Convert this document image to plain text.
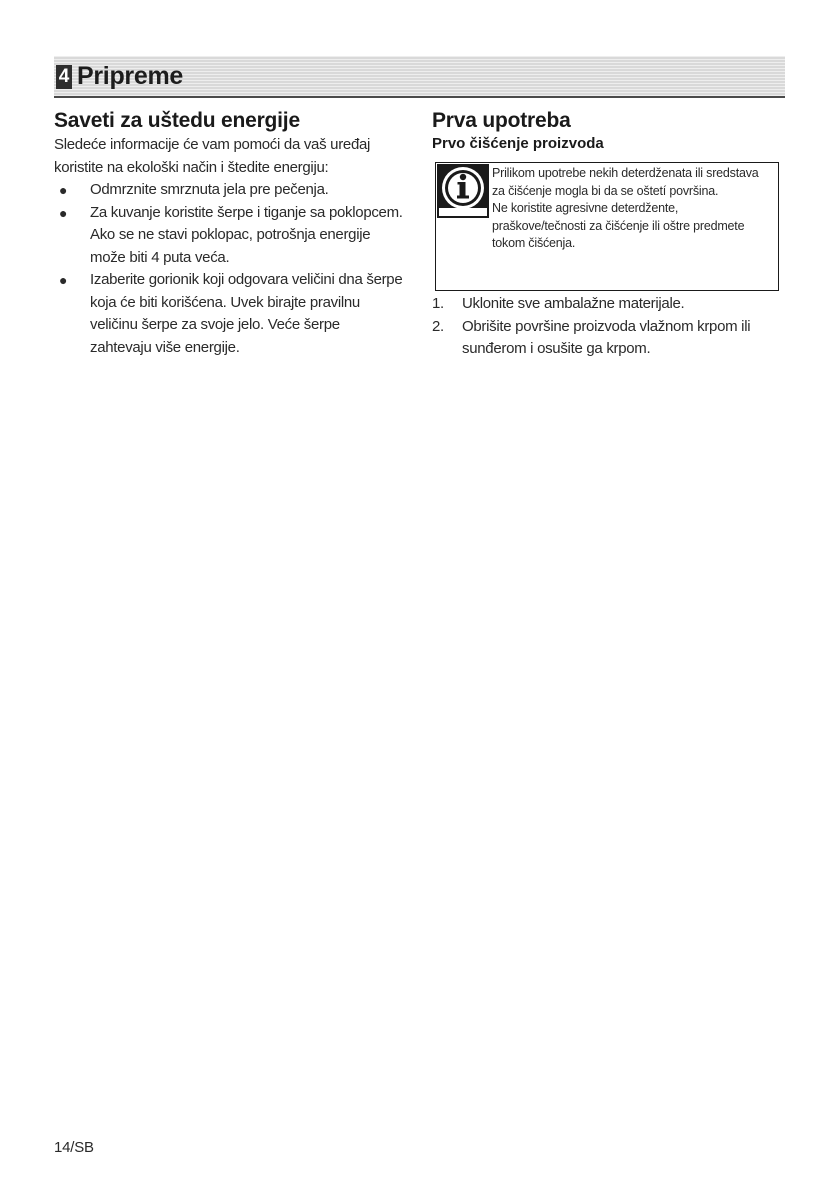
4 Pripreme
Saveti za uštedu energije

Sledeće informacije će vam pomoći da vaš uređaj koristite na ekološki način i štedite energiju:

● Odmrznite smrznuta jela pre pečenja.
● Za kuvanje koristite šerpe i tiganje sa poklopcem. Ako se ne stavi poklopac, potrošnja energije može biti 4 puta veća.
● Izaberite gorionik koji odgovara veličini dna šerpe koja će biti korišćena. Uvek birajte pravilnu veličinu šerpe za svoje jelo. Veće šerpe zahtevaju više energije.
Prva upotreba
Prvo čišćenje proizvoda

Prilikom upotrebe nekih deterdženata ili sredstava za čišćenje mogla bi da se oštetí površina.

Ne koristite agresivne deterdžente, praškove/tečnosti za čišćenje ili oštre predmete tokom čišćenja.

1. Uklonite sve ambalažne materijale.
2. Obrišite površine proizvoda vlažnom krpom ili sunđerom i osušite ga krpom.
14/SB
